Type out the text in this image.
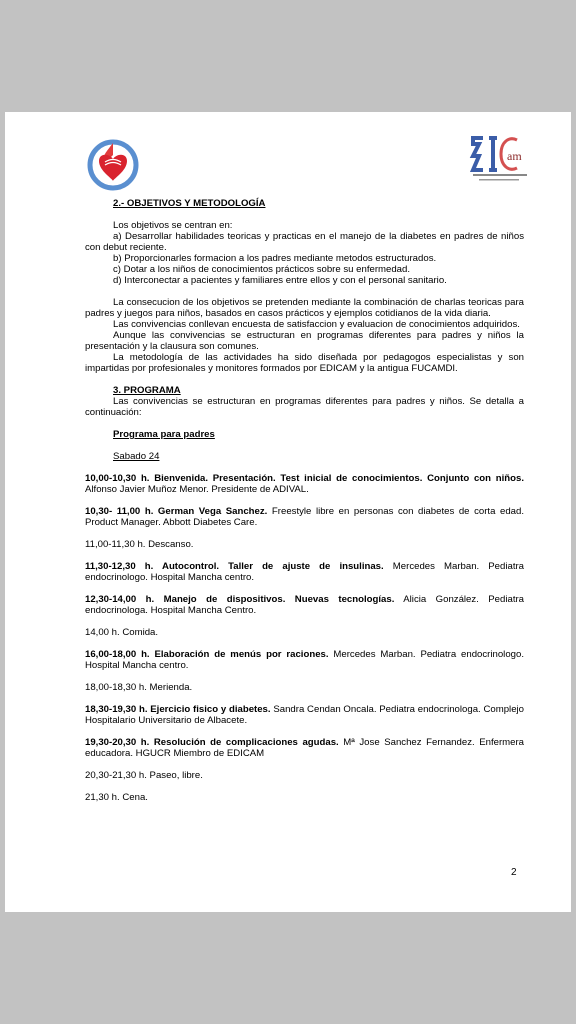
am

2.- OBJETIVOS Y METODOLOGÍA

Los objetivos se centran en:

a) Desarrollar habilidades teoricas y practicas en el manejo de la diabetes en padres de niños con debut reciente.

b) Proporcionarles formacion a los padres mediante metodos estructurados.

c) Dotar a los niños de conocimientos prácticos sobre su enfermedad.

d) Interconectar a pacientes y familiares entre ellos y con el personal sanitario.

La consecucion de los objetivos se pretenden mediante la combinación de charlas teoricas para padres y juegos para niños, basados en casos prácticos y ejemplos cotidianos de la vida diaria.

Las convivencias conllevan encuesta de satisfaccion y evaluacion de conocimientos adquiridos.

Aunque las convivencias se estructuran en programas diferentes para padres y niños la presentación y la clausura son comunes.

La metodología de las actividades ha sido diseñada por pedagogos especialistas y son impartidas por profesionales y monitores formados por EDICAM y la antigua FUCAMDI.

3. PROGRAMA

Las convivencias se estructuran en programas diferentes para padres y niños. Se detalla a continuación:

Programa para padres

Sabado 24

10,00-10,30 h. Bienvenida. Presentación. Test inicial de conocimientos. Conjunto con niños. Alfonso Javier Muñoz Menor. Presidente de ADIVAL.

10,30- 11,00 h. German Vega Sanchez. Freestyle libre en personas con diabetes de corta edad. Product Manager. Abbott Diabetes Care.

11,00-11,30 h. Descanso.

11,30-12,30 h. Autocontrol. Taller de ajuste de insulinas. Mercedes Marban. Pediatra endocrinologo. Hospital Mancha centro.

12,30-14,00 h. Manejo de dispositivos. Nuevas tecnologías. Alicia González. Pediatra endocrinologa. Hospital Mancha Centro.

14,00 h. Comida.

16,00-18,00 h. Elaboración de menús por raciones. Mercedes Marban. Pediatra endocrinologo. Hospital Mancha centro.

18,00-18,30 h. Merienda.

18,30-19,30 h. Ejercicio fisico y diabetes. Sandra Cendan Oncala. Pediatra endocrinologa. Complejo Hospitalario Universitario de Albacete.

19,30-20,30 h. Resolución de complicaciones agudas. Mª Jose Sanchez Fernandez. Enfermera educadora. HGUCR Miembro de EDICAM

20,30-21,30 h. Paseo, libre.

21,30 h. Cena.

2
